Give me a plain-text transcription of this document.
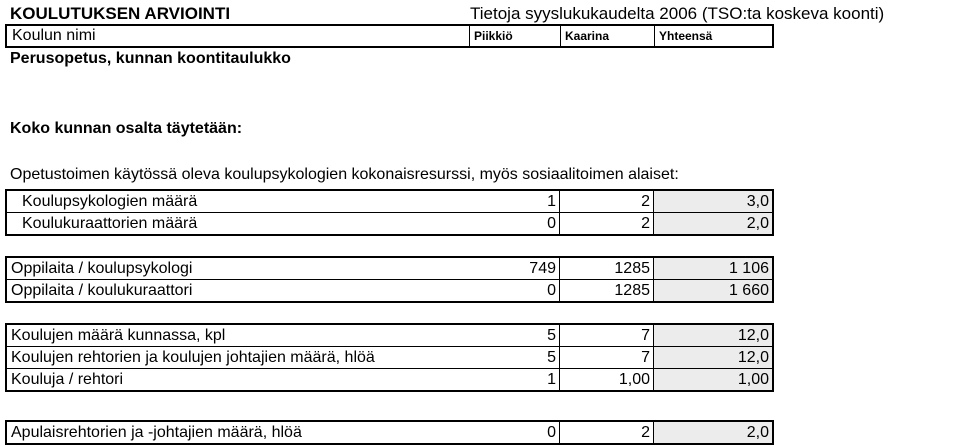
KOULUTUKSEN ARVIOINTI	Tietoja syyslukukaudelta 2006 (TSO:ta koskeva koonti)
Koulun nimi	Piikkiö	Kaarina	Yhteensä
Perusopetus, kunnan koontitaulukko
Koko kunnan osalta täytetään:
Opetustoimen käytössä oleva koulupsykologien kokonaisresurssi, myös sosiaalitoimen alaiset:
Koulupsykologien määrä	1	2	3,0
Koulukuraattorien määrä	0	2	2,0
Oppilaita / koulupsykologi	749	1285	1 106
Oppilaita / koulukuraattori	0	1285	1 660
Koulujen määrä kunnassa, kpl	5	7	12,0
Koulujen rehtorien ja koulujen johtajien määrä, hlöä	5	7	12,0
Kouluja / rehtori	1	1,00	1,00
Apulaisrehtorien ja -johtajien määrä, hlöä	0	2	2,0
